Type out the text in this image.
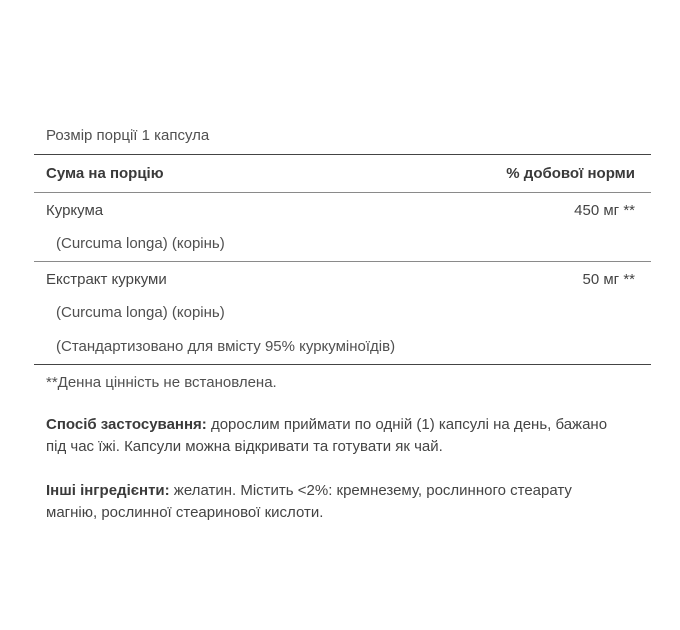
Розмір порції 1 капсула
Сума на порцію	% добової норми
Куркума	450 мг **
(Curcuma longa) (корінь)
Екстракт куркуми	50 мг **
(Curcuma longa) (корінь)
(Стандартизовано для вмісту 95% куркуміноїдів)
**Денна цінність не встановлена.
Спосіб застосування: дорослим приймати по одній (1) капсулі на день, бажано під час їжі. Капсули можна відкривати та готувати як чай.
Інші інгредієнти: желатин. Містить <2%: кремнезему, рослинного стеарату магнію, рослинної стеаринової кислоти.
